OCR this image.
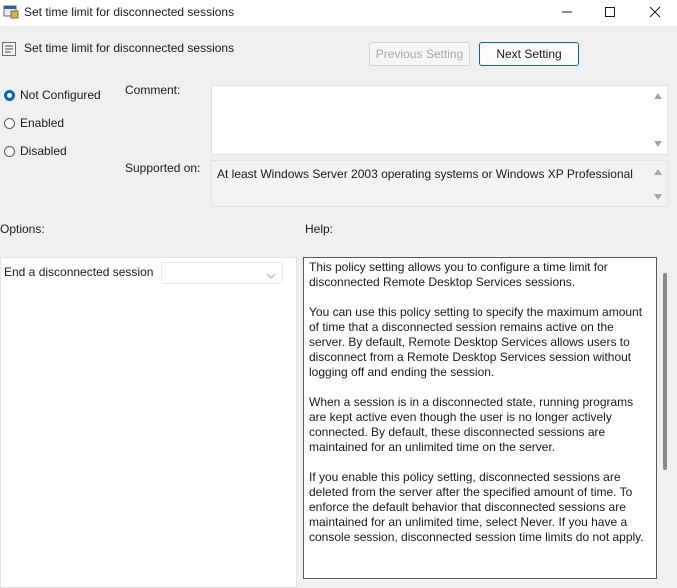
Set time limit for disconnected sessions
Set time limit for disconnected sessions	Previous Setting	Next Setting
Not Configured
Enabled
Disabled
Comment:
Supported on: At least Windows Server 2003 operating systems or Windows XP Professional
Options:	Help:
End a disconnected session	This policy setting allows you to configure a time limit for disconnected Remote Desktop Services sessions.

You can use this policy setting to specify the maximum amount of time that a disconnected session remains active on the server. By default, Remote Desktop Services allows users to disconnect from a Remote Desktop Services session without logging off and ending the session.

When a session is in a disconnected state, running programs are kept active even though the user is no longer actively connected. By default, these disconnected sessions are maintained for an unlimited time on the server.

If you enable this policy setting, disconnected sessions are deleted from the server after the specified amount of time. To enforce the default behavior that disconnected sessions are maintained for an unlimited time, select Never. If you have a console session, disconnected session time limits do not apply.
